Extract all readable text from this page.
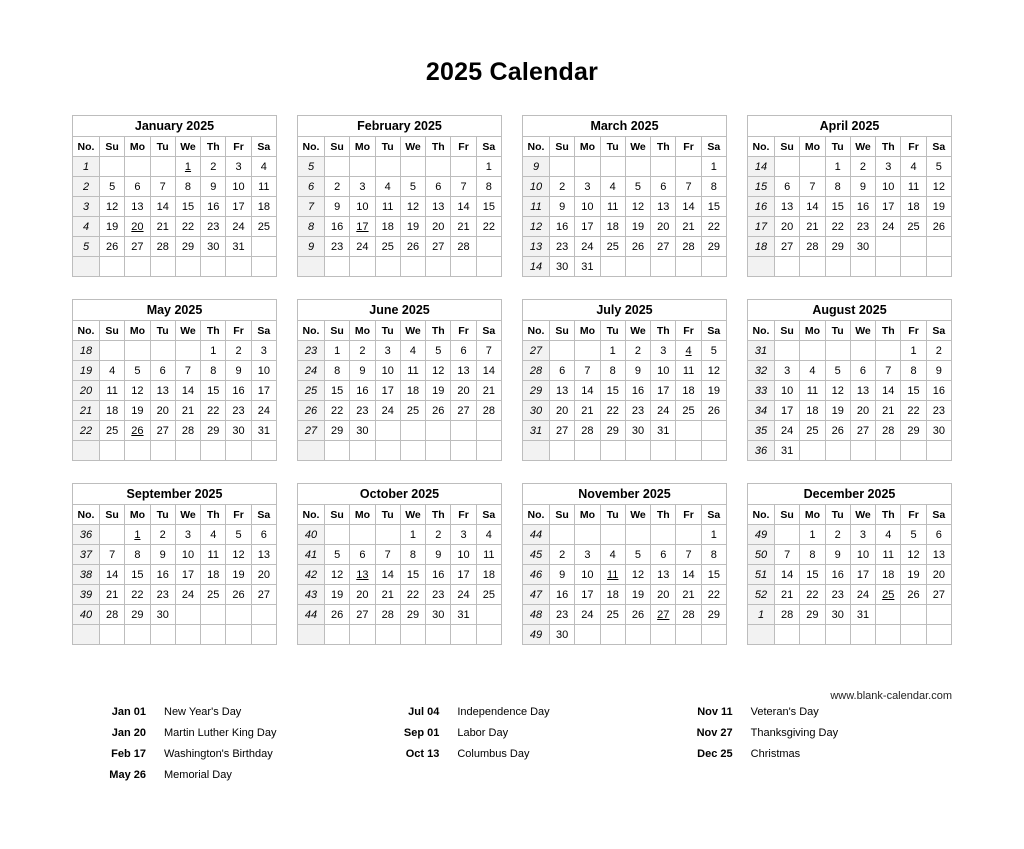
2025 Calendar
January 2025
No.	Su	Mo	Tu	We	Th	Fr	Sa
1				1	2	3	4
2	5	6	7	8	9	10	11
3	12	13	14	15	16	17	18
4	19	20	21	22	23	24	25
5	26	27	28	29	30	31	

February 2025
No.	Su	Mo	Tu	We	Th	Fr	Sa
5							1
6	2	3	4	5	6	7	8
7	9	10	11	12	13	14	15
8	16	17	18	19	20	21	22
9	23	24	25	26	27	28	

March 2025
No.	Su	Mo	Tu	We	Th	Fr	Sa
9							1
10	2	3	4	5	6	7	8
11	9	10	11	12	13	14	15
12	16	17	18	19	20	21	22
13	23	24	25	26	27	28	29
14	30	31					
April 2025
No.	Su	Mo	Tu	We	Th	Fr	Sa
14			1	2	3	4	5
15	6	7	8	9	10	11	12
16	13	14	15	16	17	18	19
17	20	21	22	23	24	25	26
18	27	28	29	30			

May 2025
No.	Su	Mo	Tu	We	Th	Fr	Sa
18					1	2	3
19	4	5	6	7	8	9	10
20	11	12	13	14	15	16	17
21	18	19	20	21	22	23	24
22	25	26	27	28	29	30	31

June 2025
No.	Su	Mo	Tu	We	Th	Fr	Sa
23	1	2	3	4	5	6	7
24	8	9	10	11	12	13	14
25	15	16	17	18	19	20	21
26	22	23	24	25	26	27	28
27	29	30					

July 2025
No.	Su	Mo	Tu	We	Th	Fr	Sa
27			1	2	3	4	5
28	6	7	8	9	10	11	12
29	13	14	15	16	17	18	19
30	20	21	22	23	24	25	26
31	27	28	29	30	31		

August 2025
No.	Su	Mo	Tu	We	Th	Fr	Sa
31						1	2
32	3	4	5	6	7	8	9
33	10	11	12	13	14	15	16
34	17	18	19	20	21	22	23
35	24	25	26	27	28	29	30
36	31						
September 2025
No.	Su	Mo	Tu	We	Th	Fr	Sa
36		1	2	3	4	5	6
37	7	8	9	10	11	12	13
38	14	15	16	17	18	19	20
39	21	22	23	24	25	26	27
40	28	29	30				

October 2025
No.	Su	Mo	Tu	We	Th	Fr	Sa
40				1	2	3	4
41	5	6	7	8	9	10	11
42	12	13	14	15	16	17	18
43	19	20	21	22	23	24	25
44	26	27	28	29	30	31	

November 2025
No.	Su	Mo	Tu	We	Th	Fr	Sa
44							1
45	2	3	4	5	6	7	8
46	9	10	11	12	13	14	15
47	16	17	18	19	20	21	22
48	23	24	25	26	27	28	29
49	30						
December 2025
No.	Su	Mo	Tu	We	Th	Fr	Sa
49		1	2	3	4	5	6
50	7	8	9	10	11	12	13
51	14	15	16	17	18	19	20
52	21	22	23	24	25	26	27
1	28	29	30	31			

www.blank-calendar.com
Jan 01	New Year's Day
Jan 20	Martin Luther King Day
Feb 17	Washington's Birthday
May 26	Memorial Day
Jul 04	Independence Day
Sep 01	Labor Day
Oct 13	Columbus Day
Nov 11	Veteran's Day
Nov 27	Thanksgiving Day
Dec 25	Christmas
